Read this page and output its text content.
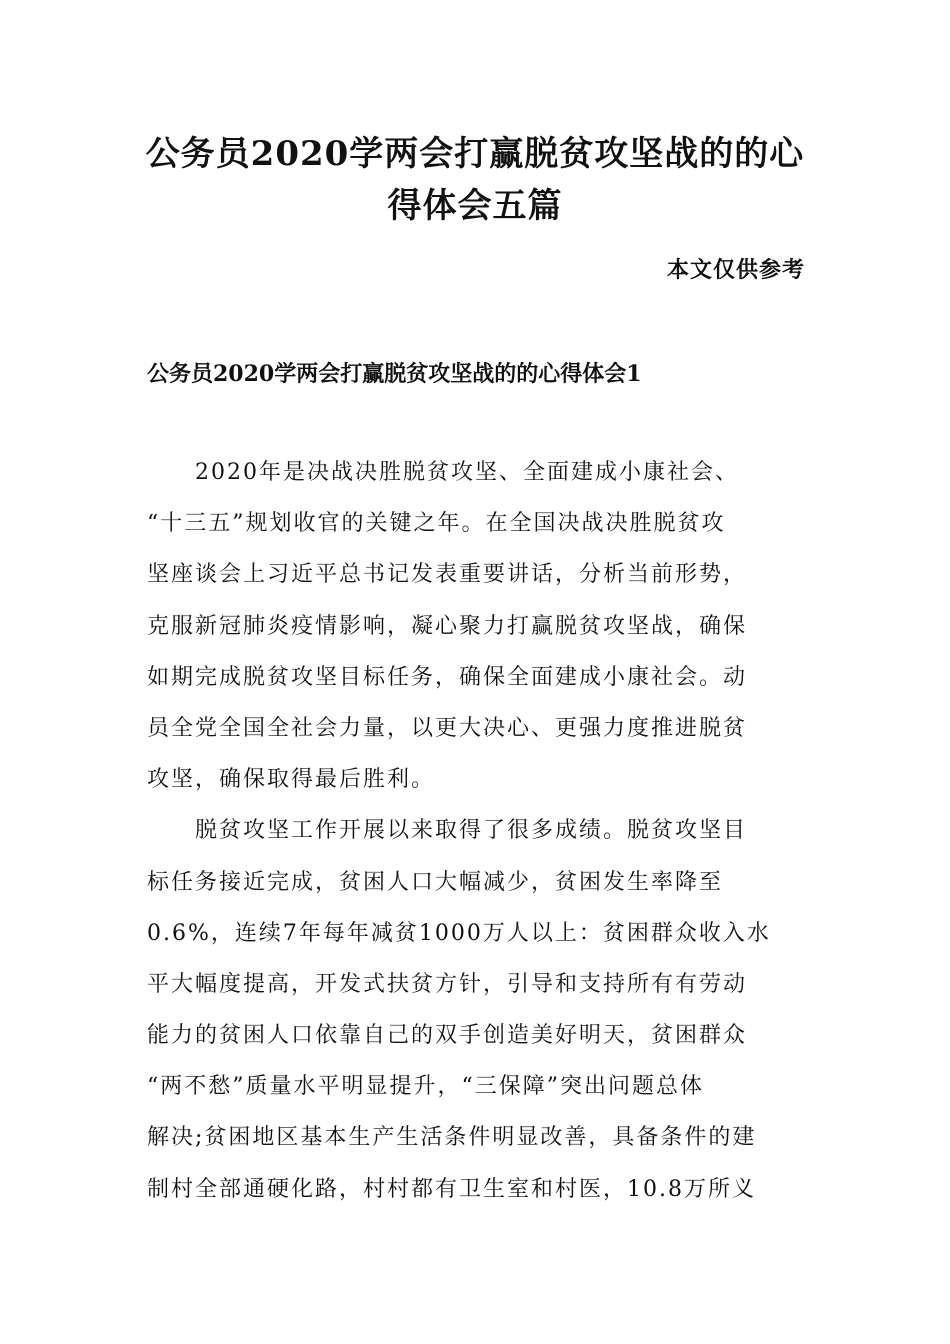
公务员2020学两会打赢脱贫攻坚战的的心
得体会五篇
本文仅供参考
公务员2020学两会打赢脱贫攻坚战的的心得体会1
　　2020年是决战决胜脱贫攻坚、全面建成小康社会、
“十三五”规划收官的关键之年。在全国决战决胜脱贫攻
坚座谈会上习近平总书记发表重要讲话，分析当前形势，
克服新冠肺炎疫情影响，凝心聚力打赢脱贫攻坚战，确保
如期完成脱贫攻坚目标任务，确保全面建成小康社会。动
员全党全国全社会力量，以更大决心、更强力度推进脱贫
攻坚，确保取得最后胜利。
　　脱贫攻坚工作开展以来取得了很多成绩。脱贫攻坚目
标任务接近完成，贫困人口大幅减少，贫困发生率降至
0.6%，连续7年每年减贫1000万人以上：贫困群众收入水
平大幅度提高，开发式扶贫方针，引导和支持所有有劳动
能力的贫困人口依靠自己的双手创造美好明天，贫困群众
“两不愁”质量水平明显提升，“三保障”突出问题总体
解决;贫困地区基本生产生活条件明显改善，具备条件的建
制村全部通硬化路，村村都有卫生室和村医，10.8万所义
